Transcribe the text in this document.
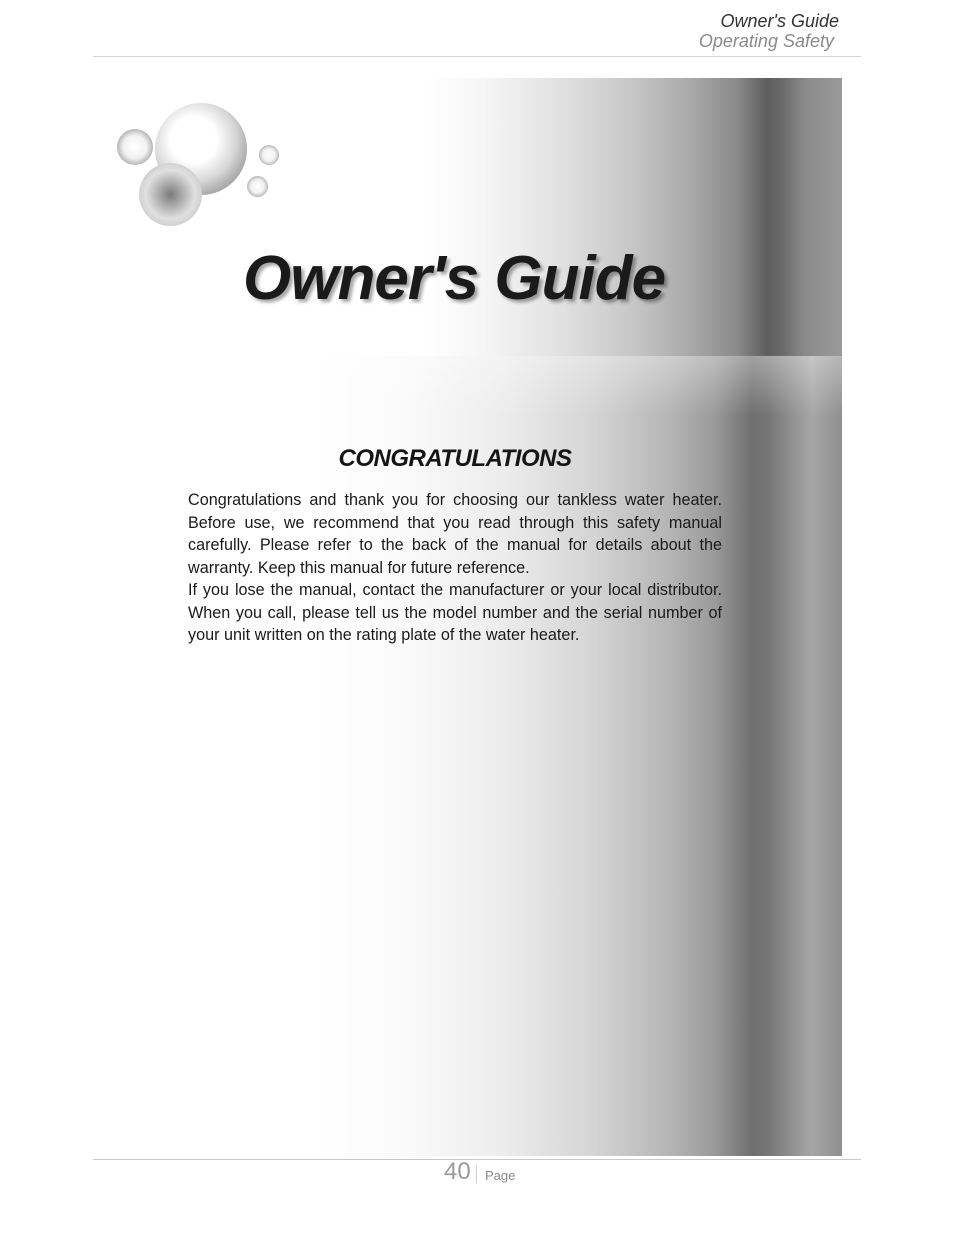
Owner's Guide
Operating Safety
Owner's Guide
CONGRATULATIONS

Congratulations and thank you for choosing our tankless water heater. Before use, we recommend that you read through this safety manual carefully. Please refer to the back of the manual for details about the warranty. Keep this manual for future reference.

If you lose the manual, contact the manufacturer or your local distributor. When you call, please tell us the model number and the serial number of your unit written on the rating plate of the water heater.

40 Page
